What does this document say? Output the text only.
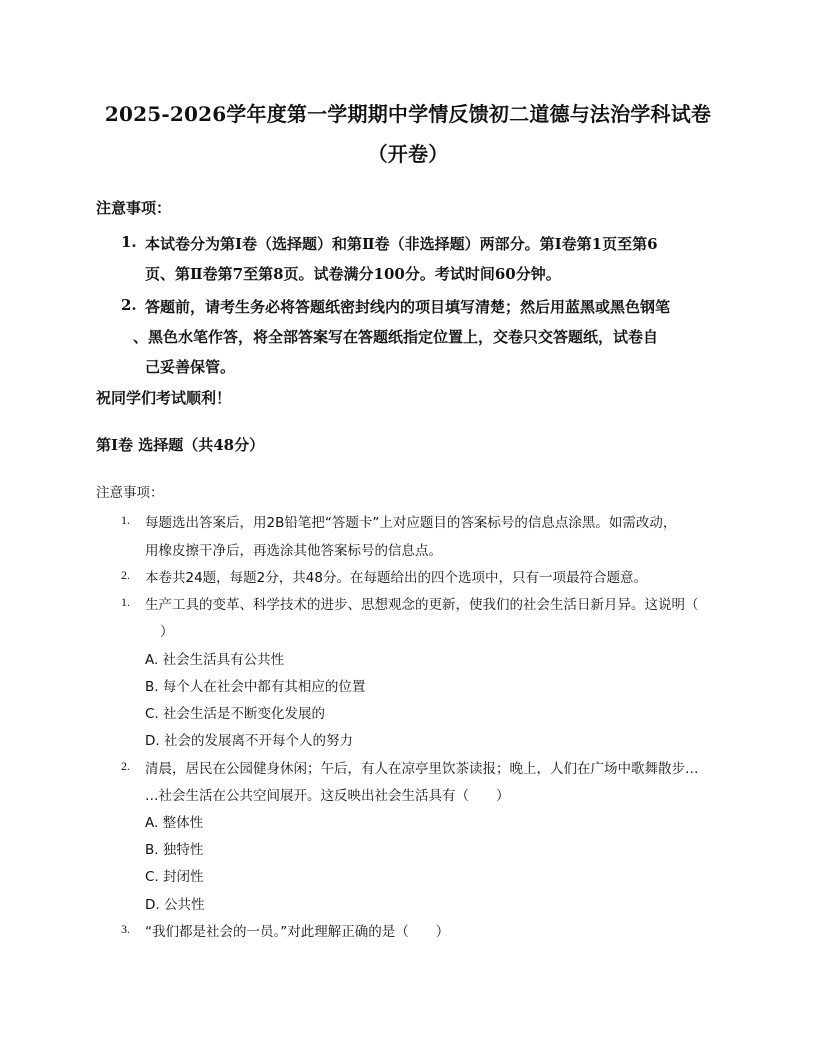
2025-2026学年度第一学期期中学情反馈初二道德与法治学科试卷
（开卷）
注意事项：
1. 本试卷分为第Ⅰ卷（选择题）和第Ⅱ卷（非选择题）两部分。第Ⅰ卷第1页至第6
页、第Ⅱ卷第7至第8页。试卷满分100分。考试时间60分钟。
2. 答题前，请考生务必将答题纸密封线内的项目填写清楚；然后用蓝黑或黑色钢笔
、黑色水笔作答，将全部答案写在答题纸指定位置上，交卷只交答题纸，试卷自
己妥善保管。
祝同学们考试顺利！
第Ⅰ卷 选择题（共48分）
注意事项：
1. 每题选出答案后，用2B铅笔把“答题卡”上对应题目的答案标号的信息点涂黑。如需改动，
用橡皮擦干净后，再选涂其他答案标号的信息点。
2. 本卷共24题，每题2分，共48分。在每题给出的四个选项中，只有一项最符合题意。
1. 生产工具的变革、科学技术的进步、思想观念的更新，使我们的社会生活日新月异。这说明（
）
A. 社会生活具有公共性
B. 每个人在社会中都有其相应的位置
C. 社会生活是不断变化发展的
D. 社会的发展离不开每个人的努力
2. 清晨，居民在公园健身休闲；午后，有人在凉亭里饮茶读报；晚上，人们在广场中歌舞散步…
…社会生活在公共空间展开。这反映出社会生活具有（　　）
A. 整体性
B. 独特性
C. 封闭性
D. 公共性
3. “我们都是社会的一员。”对此理解正确的是（　　）
